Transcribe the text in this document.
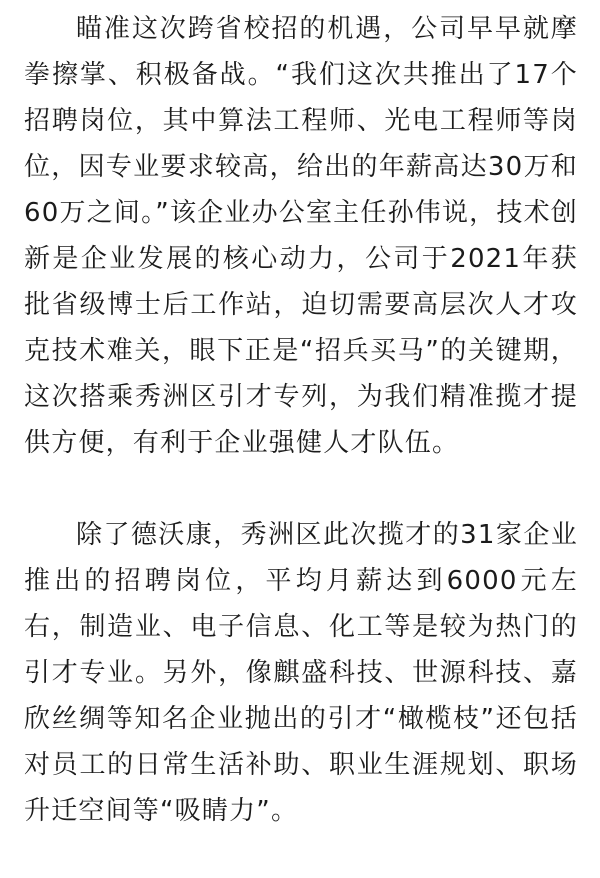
瞄准这次跨省校招的机遇，公司早早就摩拳擦掌、积极备战。“我们这次共推出了17个招聘岗位，其中算法工程师、光电工程师等岗位，因专业要求较高，给出的年薪高达30万和60万之间。”该企业办公室主任孙伟说，技术创新是企业发展的核心动力，公司于2021年获批省级博士后工作站，迫切需要高层次人才攻克技术难关，眼下正是“招兵买马”的关键期，这次搭乘秀洲区引才专列，为我们精准揽才提供方便，有利于企业强健人才队伍。

除了德沃康，秀洲区此次揽才的31家企业推出的招聘岗位，平均月薪达到6000元左右，制造业、电子信息、化工等是较为热门的引才专业。另外，像麒盛科技、世源科技、嘉欣丝绸等知名企业抛出的引才“橄榄枝”还包括对员工的日常生活补助、职业生涯规划、职场升迁空间等“吸睛力”。
